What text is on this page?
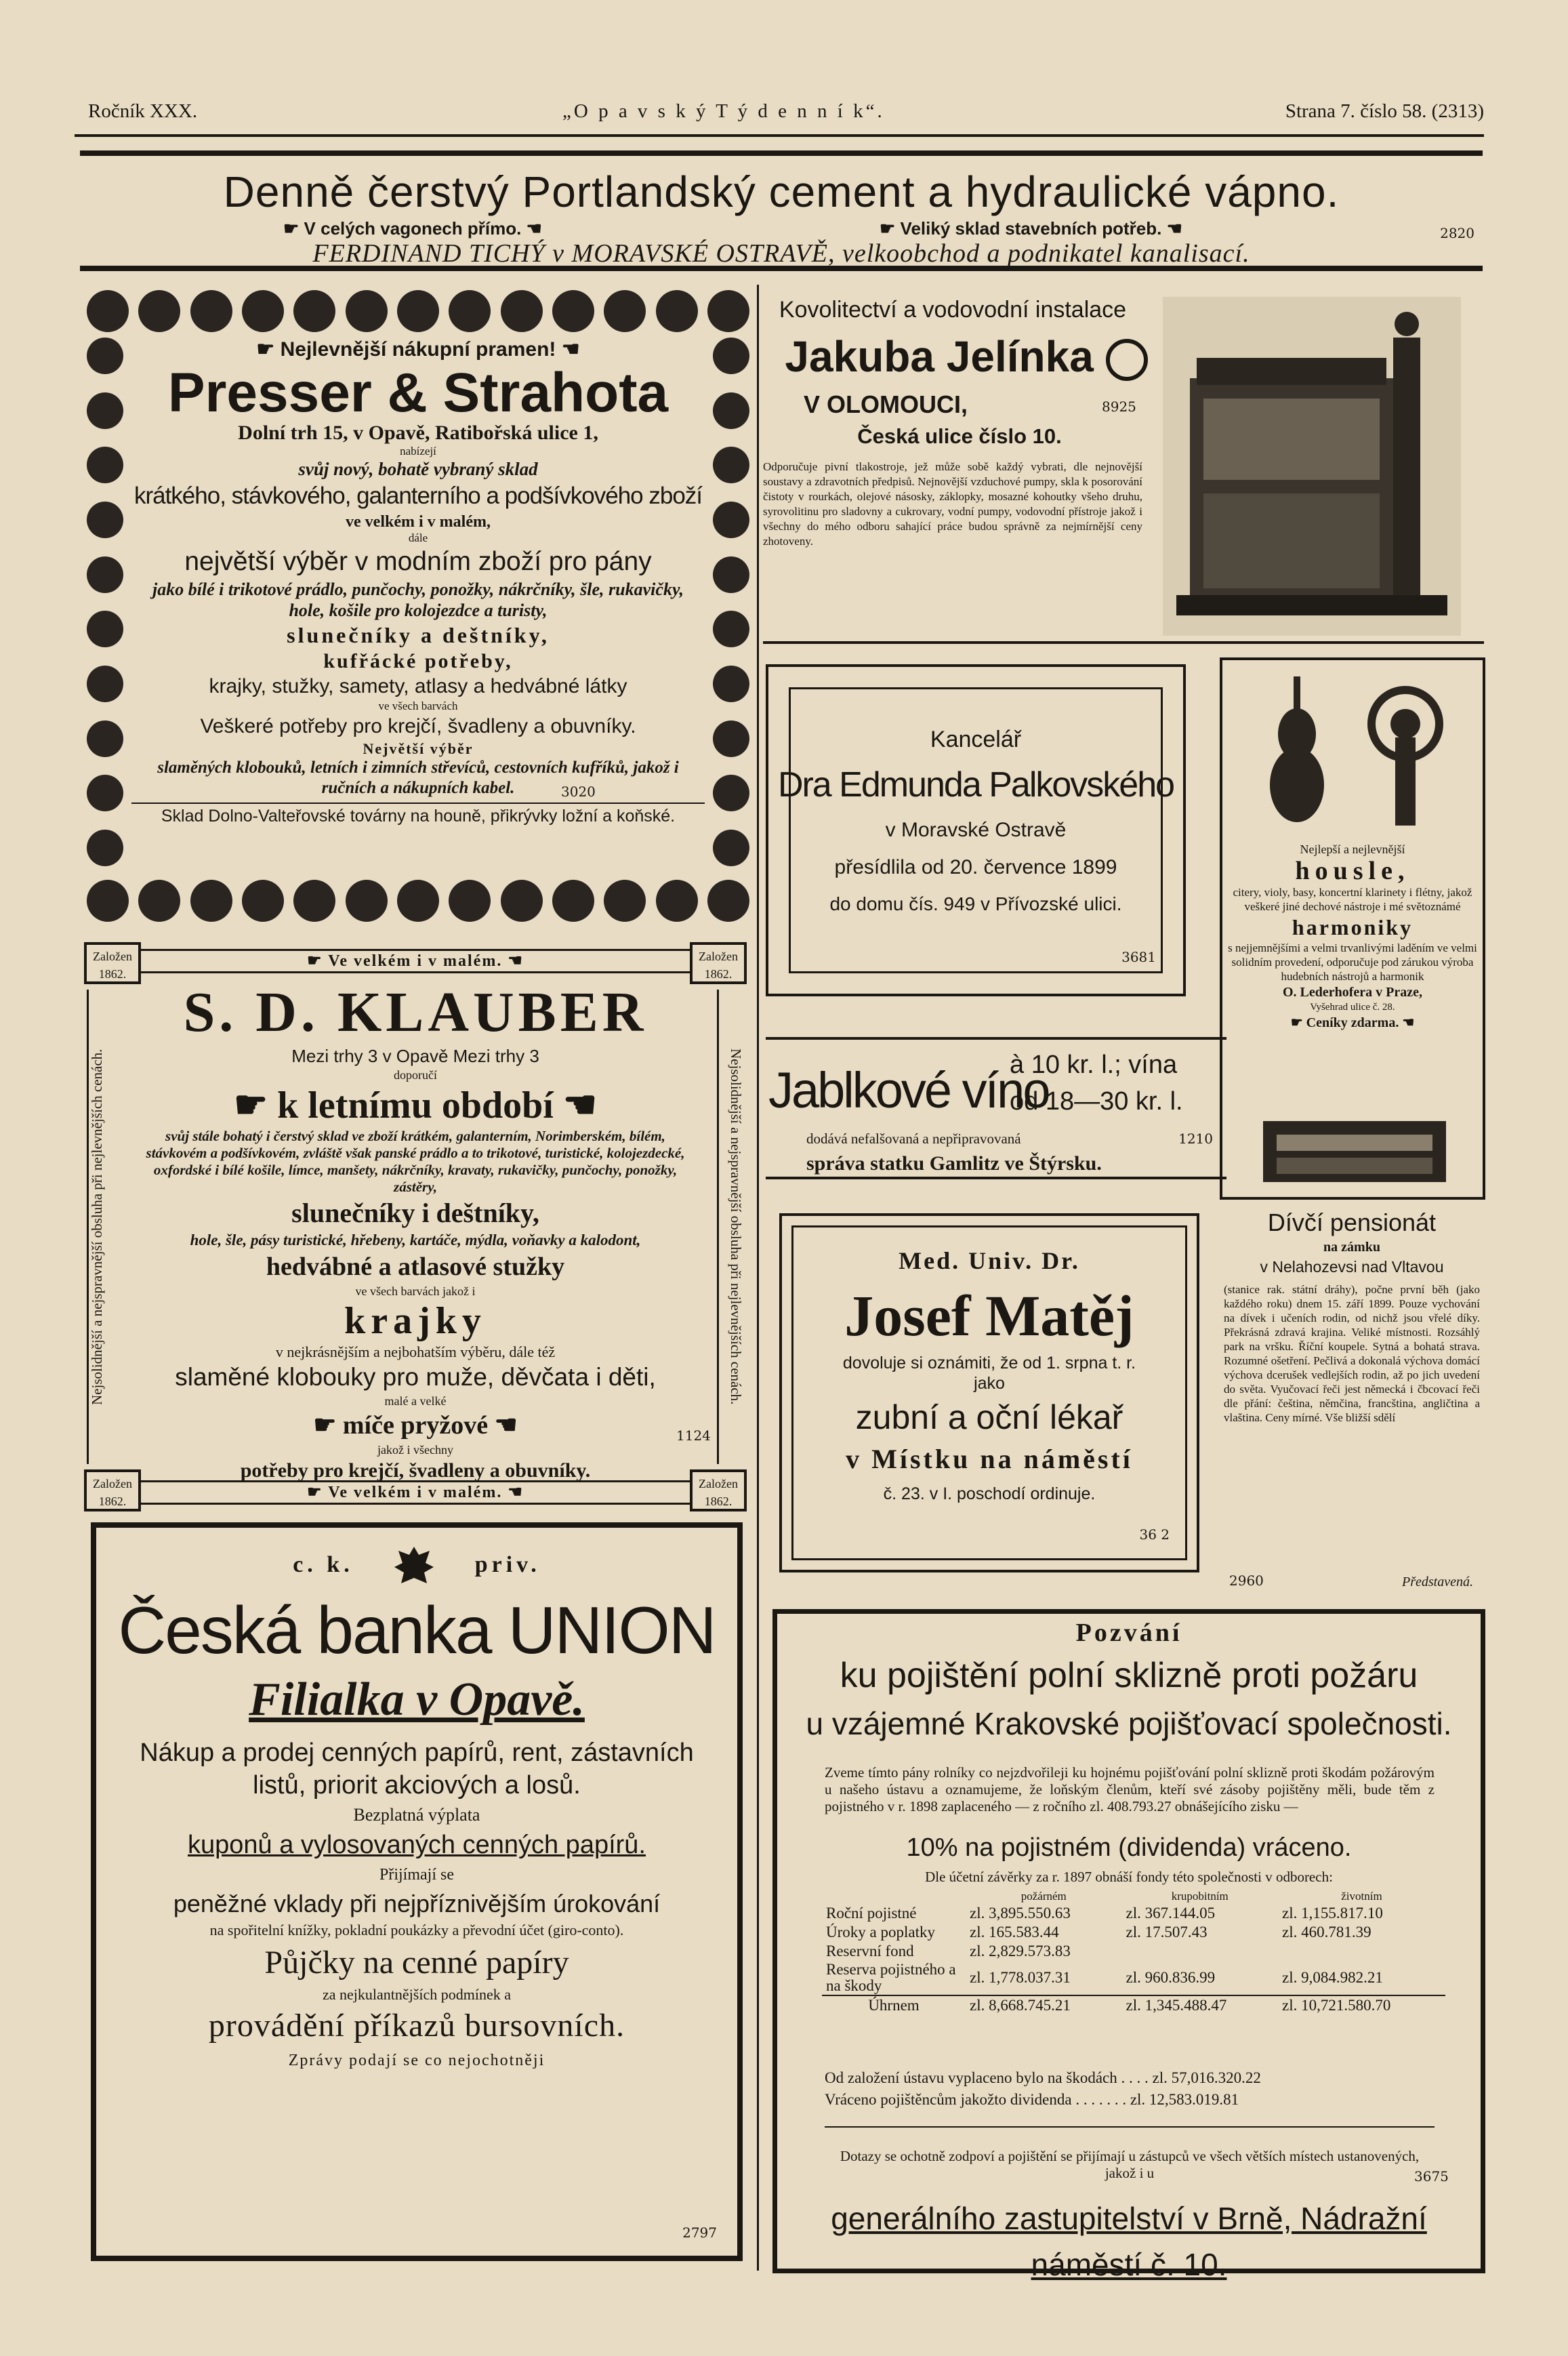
Ročník XXX.	„O p a v s k ý T ý d e n n í k“.	Strana 7. číslo 58. (2313)
Denně čerstvý Portlandský cement a hydraulické vápno.
☛ V celých vagonech přímo. ☚	☛ Veliký sklad stavebních potřeb. ☚
FERDINAND TICHÝ v MORAVSKÉ OSTRAVĚ, velkoobchod a podnikatel kanalisací.
2820
☛ Nejlevnější nákupní pramen! ☚
Presser & Strahota
Dolní trh 15, v Opavě, Ratibořská ulice 1,
nabízejí
svůj nový, bohatě vybraný sklad
krátkého, stávkového, galanterního a podšívkového zboží
ve velkém i v malém,
dále
největší výběr v modním zboží pro pány
jako bílé i trikotové prádlo, punčochy, ponožky, nákrčníky, šle, rukavičky, hole, košile pro kolojezdce a turisty,
slunečníky a deštníky,
kufřácké potřeby,
krajky, stužky, samety, atlasy a hedvábné látky
ve všech barvách
Veškeré potřeby pro krejčí, švadleny a obuvníky.
Největší výběr
slaměných klobouků, letních i zimních střevíců, cestovních kufříků, jakož i ručních a nákupních kabel.
Sklad Dolno-Valteřovské továrny na houně, přikrývky ložní a koňské.
3020
Založen 1862.
Založen 1862.
Založen 1862.
Založen 1862.
☛ Ve velkém i v malém. ☚
☛ Ve velkém i v malém. ☚
Nejsolidnější a nejspravnější obsluha při nejlevnějších cenách.	Nejsolidnější a nejspravnější obsluha při nejlevnějších cenách.
S. D. KLAUBER
Mezi trhy 3 v Opavě Mezi trhy 3
doporučí
☛ k letnímu období ☚
svůj stále bohatý i čerstvý sklad ve zboží krátkém, galanterním, Norimberském, bílém, stávkovém a podšívkovém, zvláště však panské prádlo a to trikotové, turistické, kolojezdecké, oxfordské i bílé košile, límce, manšety, nákrčníky, kravaty, rukavičky, punčochy, ponožky, zástěry,
slunečníky i deštníky,
hole, šle, pásy turistické, hřebeny, kartáče, mýdla, voňavky a kalodont,
hedvábné a atlasové stužky
ve všech barvách jakož i
krajky
v nejkrásnějším a nejbohatším výběru, dále též
slaměné klobouky pro muže, děvčata i děti,
malé a velké
☛ míče pryžové ☚
jakož i všechny
potřeby pro krejčí, švadleny a obuvníky.
1124
c. k.	priv.
Česká banka UNION
Filialka v Opavě.
Nákup a prodej cenných papírů, rent, zástavních listů, priorit akciových a losů.
Bezplatná výplata
kuponů a vylosovaných cenných papírů.
Přijímají se
peněžné vklady při nejpříznivějším úrokování
na spořitelní knížky, pokladní poukázky a převodní účet (giro-conto).
Půjčky na cenné papíry
za nejkulantnějších podmínek a
provádění příkazů bursovních.
Zprávy podají se co nejochotněji
2797
Kovolitectví a vodovodní instalace
Jakuba Jelínka
V OLOMOUCI,	8925
Česká ulice číslo 10.
Odporučuje pivní tlakostroje, jež může sobě každý vybrati, dle nejnovější soustavy a zdravotních předpisů. Nejnovější vzduchové pumpy, skla k posorování čistoty v rourkách, olejové násosky, záklopky, mosazné kohoutky všeho druhu, syrovolitinu pro sladovny a cukrovary, vodní pumpy, vodovodní přístroje jakož i všechny do mého odboru sahající práce budou správně za nejmírnější ceny zhotoveny.
Kancelář
Dra Edmunda Palkovského
v Moravské Ostravě
přesídlila od 20. července 1899
do domu čís. 949 v Přívozské ulici.
3681
Nejlepší a nejlevnější
housle,
citery, violy, basy, koncertní klarinety i flétny, jakož veškeré jiné dechové nástroje i mé světoznámé
harmoniky
s nejjemnějšími a velmi trvanlivými laděním ve velmi solidním provedení, odporučuje pod zárukou výroba hudebních nástrojů a harmonik
O. Lederhofera v Praze,
Vyšehrad ulice č. 28.
☛ Ceníky zdarma. ☚
Jablkové víno
à 10 kr. l.; vína
od 18—30 kr. l.
dodává nefalšovaná a nepřipravovaná	1210
správa statku Gamlitz ve Štýrsku.
Med. Univ. Dr.
Josef Matěj
dovoluje si oznámiti, že od 1. srpna t. r.
jako
zubní a oční lékař
v Místku na náměstí
č. 23. v I. poschodí ordinuje.
36 2
Dívčí pensionát
na zámku
v Nelahozevsi nad Vltavou
(stanice rak. státní dráhy), počne první běh (jako každého roku) dnem 15. září 1899. Pouze vychování na dívek i učeních rodin, od nichž jsou vřelé díky. Překrásná zdravá krajina. Veliké místnosti. Rozsáhlý park na vršku. Říční koupele. Sytná a bohatá strava. Rozumné ošetření. Pečlivá a dokonalá výchova domácí výchova dcerušek vedlejších rodin, až po jich uvedení do světa. Vyučovací řeči jest německá i čbcovací řeči dle přání: čeština, němčina, francština, angličtina a vlaština. Ceny mírné. Vše bližší sdělí
2960	Představená.
Pozvání
ku pojištění polní sklizně proti požáru
u vzájemné Krakovské pojišťovací společnosti.
Zveme tímto pány rolníky co nejzdvořileji ku hojnému pojišťování polní sklizně proti škodám požárovým u našeho ústavu a oznamujeme, že loňským členům, kteří své zásoby pojištěny měli, bude těm z pojistného v r. 1898 zaplaceného — z ročního zl. 408.793.27 obnášejícího zisku —
10% na pojistném (dividenda) vráceno.
Dle účetní závěrky za r. 1897 obnáší fondy této společnosti v odborech:
	požárném	krupobitním	životním
Roční pojistné	zl. 3,895.550.63	zl. 367.144.05	zl. 1,155.817.10
Úroky a poplatky	zl. 165.583.44	zl. 17.507.43	zl. 460.781.39
Reservní fond	zl. 2,829.573.83		
Reserva pojistného a na škody	zl. 1,778.037.31	zl. 960.836.99	zl. 9,084.982.21
Úhrnem	zl. 8,668.745.21	zl. 1,345.488.47	zl. 10,721.580.70
Od založení ústavu vyplaceno bylo na škodách . . . . zl. 57,016.320.22
Vráceno pojištěncům jakožto dividenda . . . . . . . zl. 12,583.019.81
Dotazy se ochotně zodpoví a pojištění se přijímají u zástupců ve všech větších místech ustanovených, jakož i u	3675
generálního zastupitelství v Brně, Nádražní náměstí č. 10.
